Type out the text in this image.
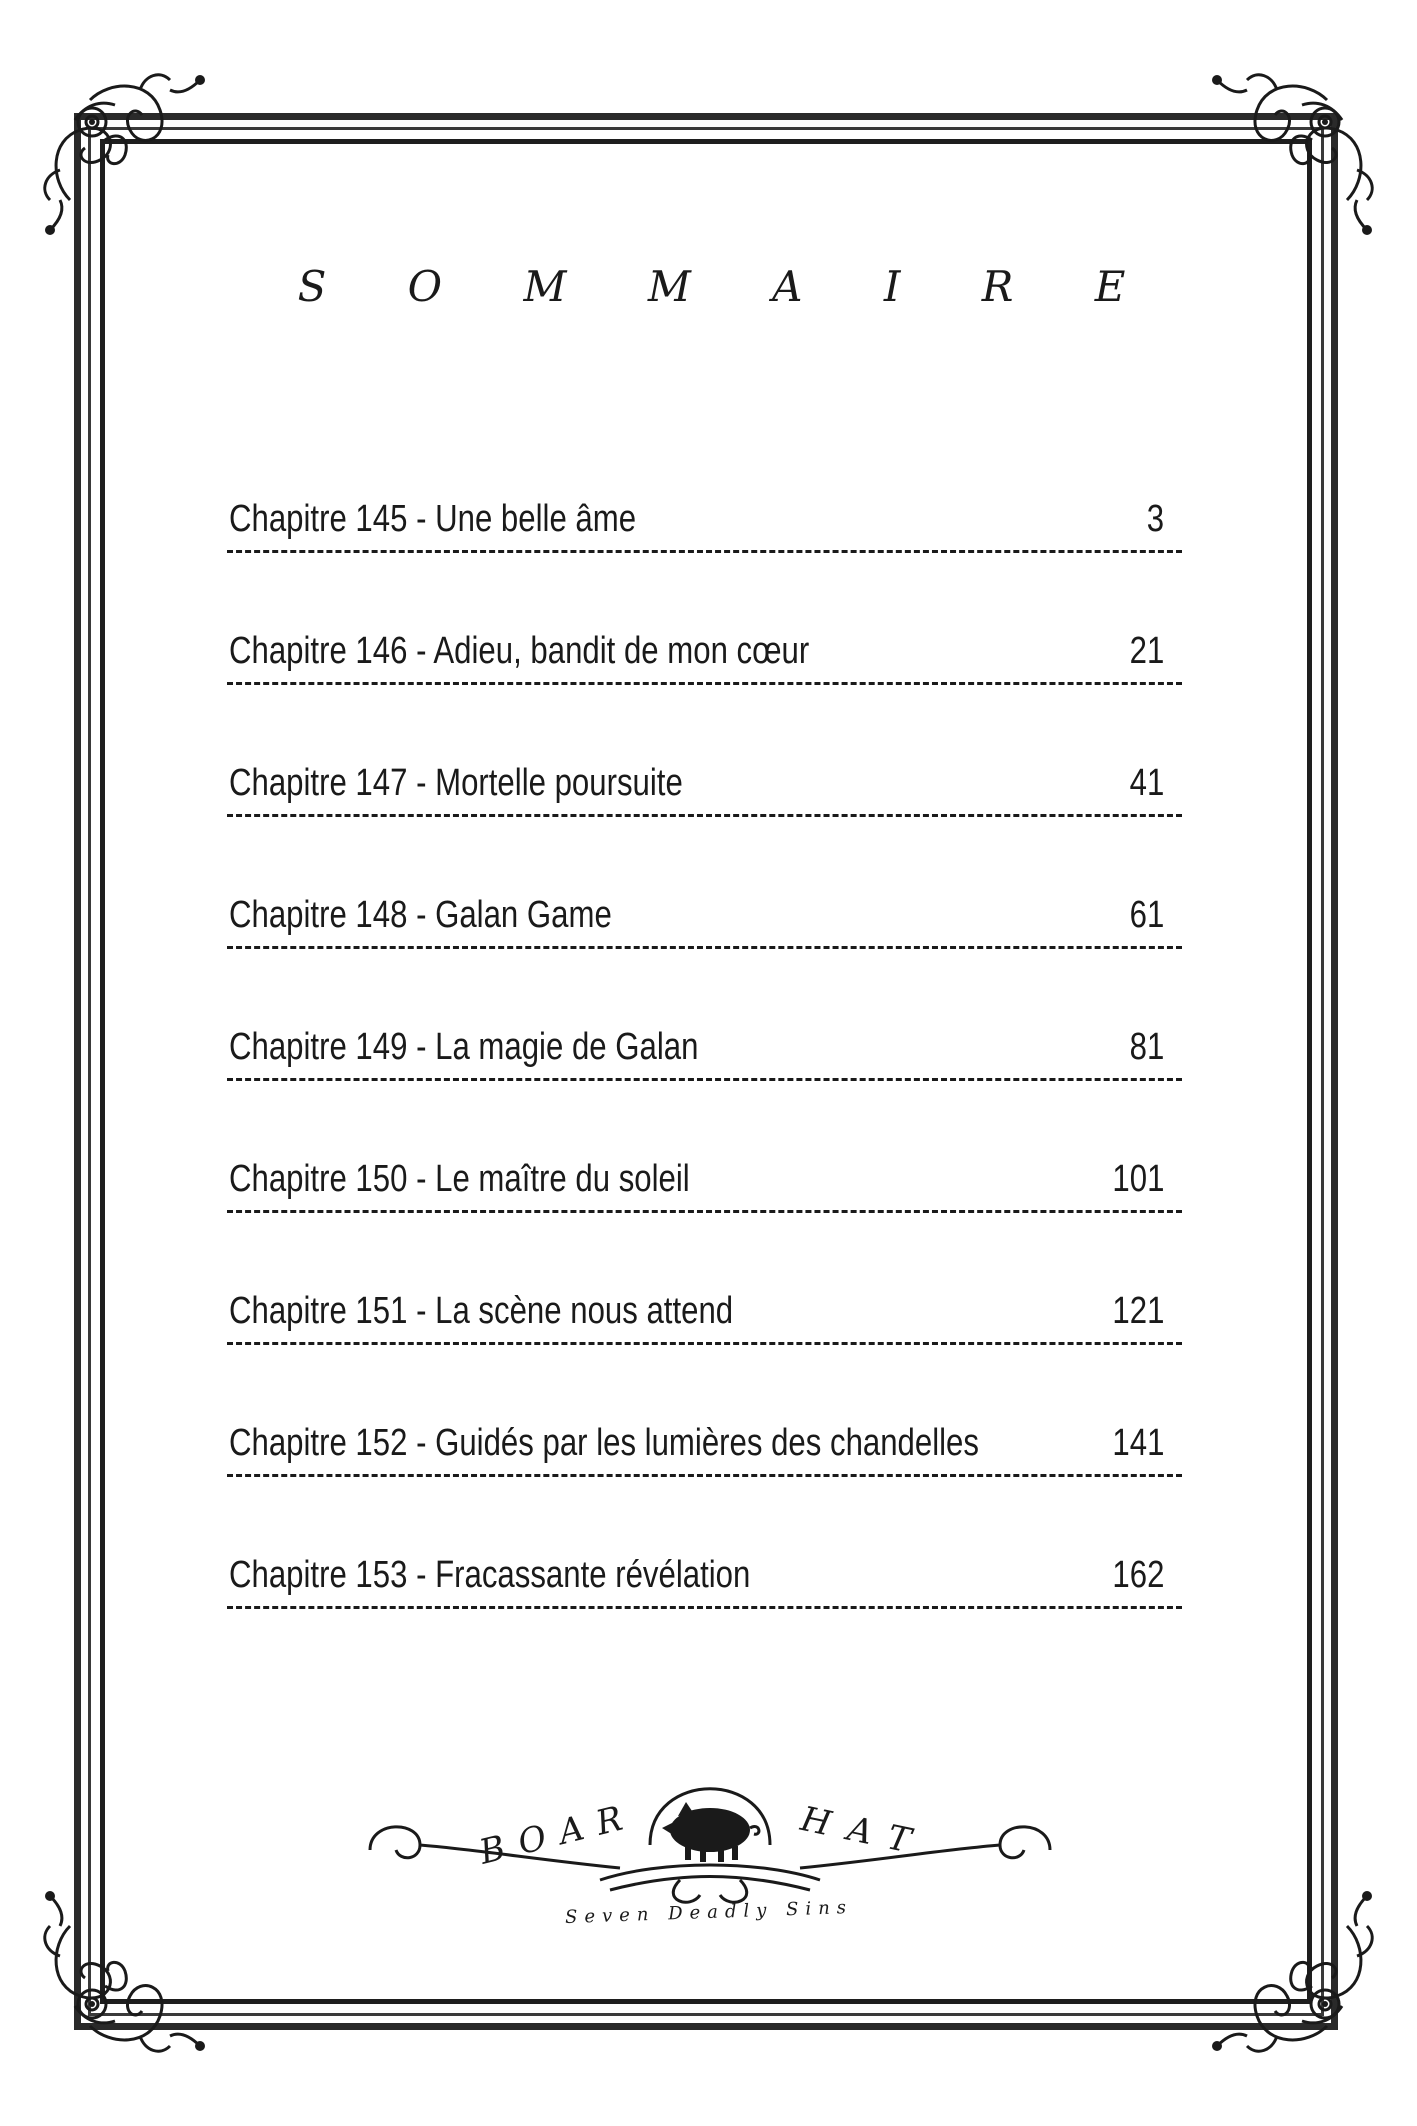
S O M M A I R E
Chapitre 145 - Une belle âme	3
Chapitre 146 - Adieu, bandit de mon cœur	21
Chapitre 147 - Mortelle poursuite	41
Chapitre 148 - Galan Game	61
Chapitre 149 - La magie de Galan	81
Chapitre 150 - Le maître du soleil	101
Chapitre 151 - La scène nous attend	121
Chapitre 152 - Guidés par les lumières des chandelles	141
Chapitre 153 - Fracassante révélation	162
BOAR	HAT
Seven Deadly Sins
